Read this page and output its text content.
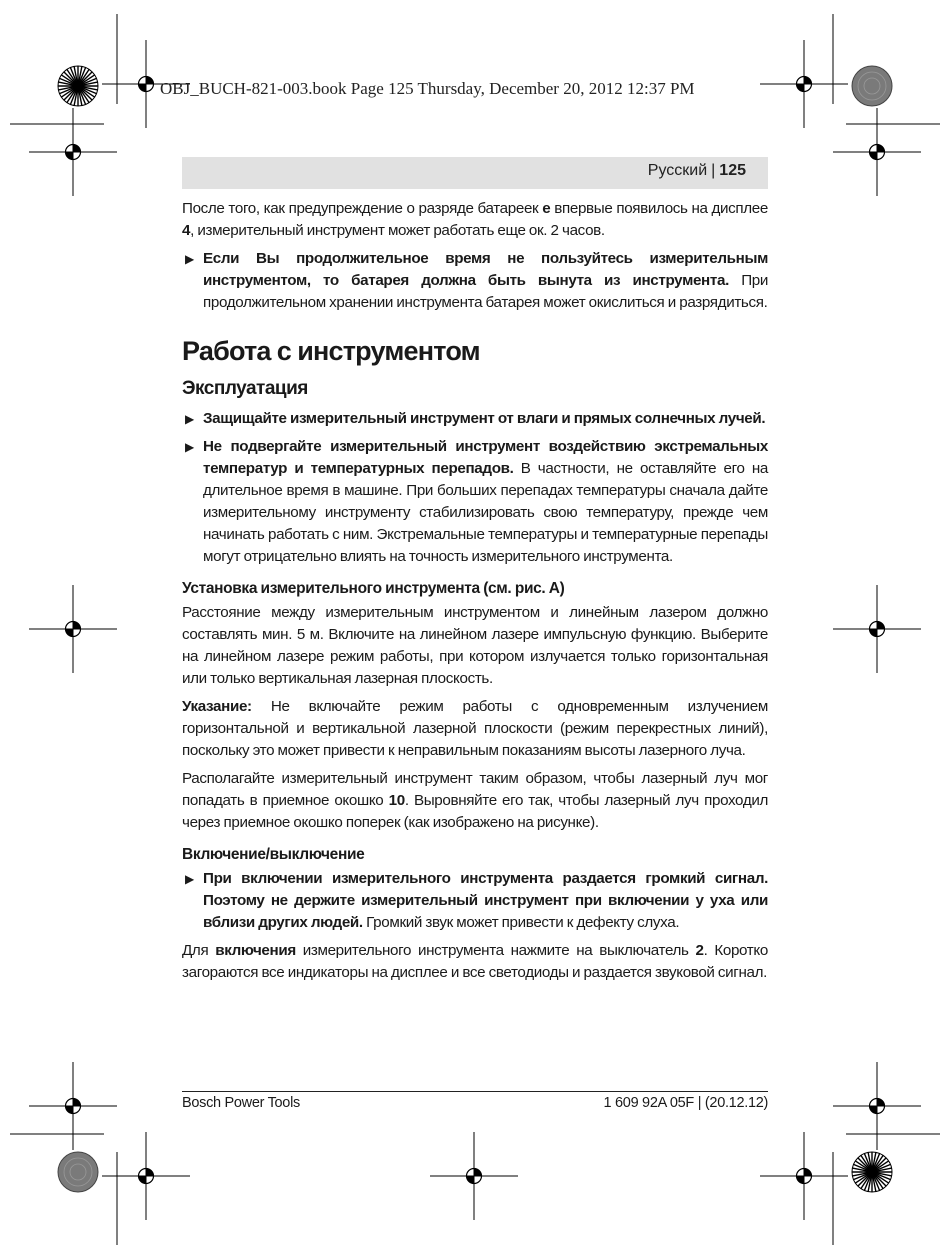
OBJ_BUCH-821-003.book Page 125 Thursday, December 20, 2012 12:37 PM
Русский | 125

После того, как предупреждение о разряде батареек e впервые появилось на дисплее 4, измерительный инструмент может работать еще ок. 2 часов.

▶ Если Вы продолжительное время не пользуйтесь измерительным инструментом, то батарея должна быть вынута из инструмента. При продолжительном хранении инструмента батарея может окислиться и разрядиться.
Работа с инструментом
Эксплуатация
▶ Защищайте измерительный инструмент от влаги и прямых солнечных лучей.
▶ Не подвергайте измерительный инструмент воздействию экстремальных температур и температурных перепадов. В частности, не оставляйте его на длительное время в машине. При больших перепадах температуры сначала дайте измерительному инструменту стабилизировать свою температуру, прежде чем начинать работать с ним. Экстремальные температуры и температурные перепады могут отрицательно влиять на точность измерительного инструмента.
Установка измерительного инструмента (см. рис. A)

Расстояние между измерительным инструментом и линейным лазером должно составлять мин. 5 м. Включите на линейном лазере импульсную функцию. Выберите на линейном лазере режим работы, при котором излучается только горизонтальная или только вертикальная лазерная плоскость.

Указание: Не включайте режим работы с одновременным излучением горизонтальной и вертикальной лазерной плоскости (режим перекрестных линий), поскольку это может привести к неправильным показаниям высоты лазерного луча.

Располагайте измерительный инструмент таким образом, чтобы лазерный луч мог попадать в приемное окошко 10. Выровняйте его так, чтобы лазерный луч проходил через приемное окошко поперек (как изображено на рисунке).

Включение/выключение
▶ При включении измерительного инструмента раздается громкий сигнал. Поэтому не держите измерительный инструмент при включении у уха или вблизи других людей. Громкий звук может привести к дефекту слуха.

Для включения измерительного инструмента нажмите на выключатель 2. Коротко загораются все индикаторы на дисплее и все светодиоды и раздается звуковой сигнал.

Bosch Power Tools	1 609 92A 05F | (20.12.12)
